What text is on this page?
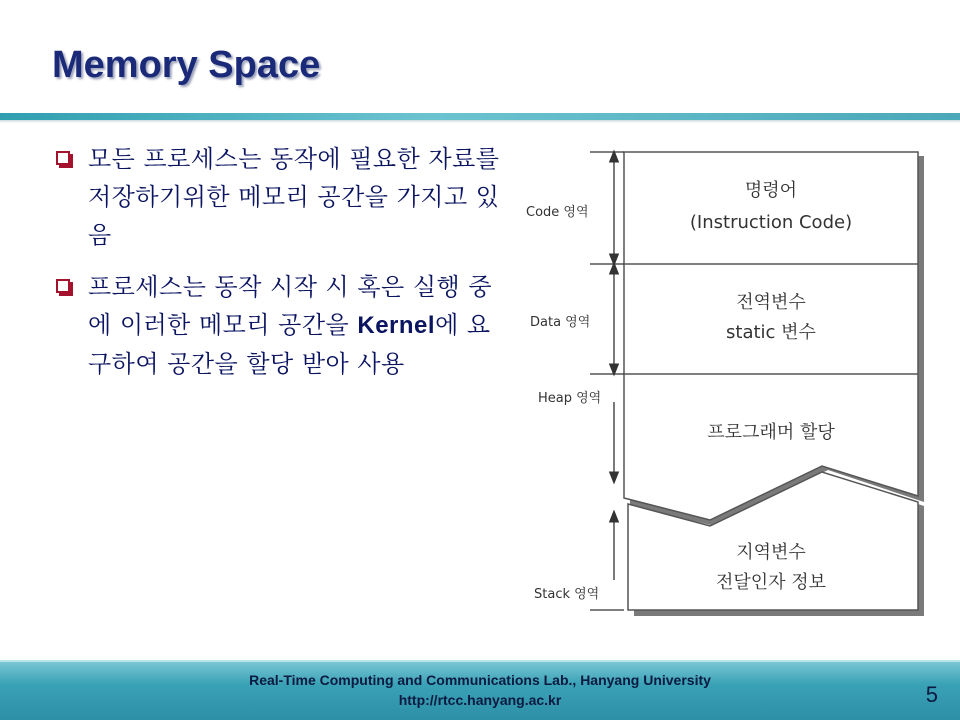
Memory Space
모든 프로세스는 동작에 필요한 자료를 저장하기위한 메모리 공간을 가지고 있음
프로세스는 동작 시작 시 혹은 실행 중에 이러한 메모리 공간을 Kernel에 요구하여 공간을 할당 받아 사용
Code 영역
Data 영역
Heap 영역
Stack 영역
명령어
(Instruction Code)
전역변수
static 변수
프로그래머 할당
지역변수
전달인자 정보
Real-Time Computing and Communications Lab., Hanyang University
http://rtcc.hanyang.ac.kr	5
